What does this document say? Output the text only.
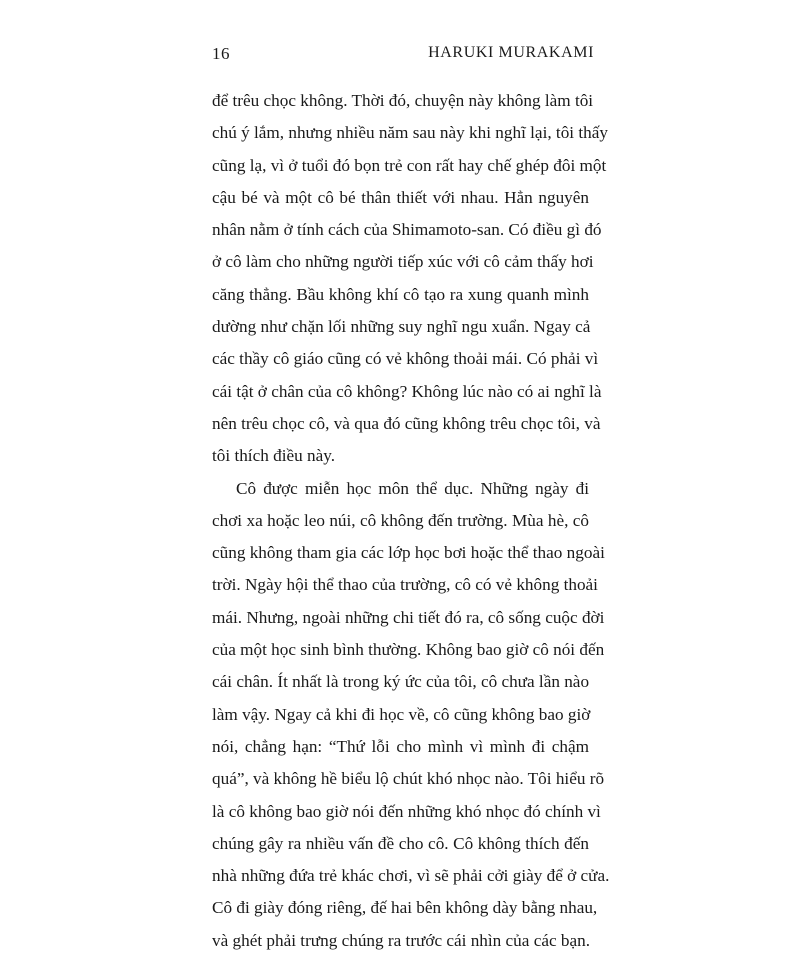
16	HARUKI MURAKAMI
để trêu chọc không. Thời đó, chuyện này không làm tôi
chú ý lắm, nhưng nhiều năm sau này khi nghĩ lại, tôi thấy
cũng lạ, vì ở tuổi đó bọn trẻ con rất hay chế ghép đôi một
cậu bé và một cô bé thân thiết với nhau. Hẳn nguyên
nhân nằm ở tính cách của Shimamoto-san. Có điều gì đó
ở cô làm cho những người tiếp xúc với cô cảm thấy hơi
căng thẳng. Bầu không khí cô tạo ra xung quanh mình
dường như chặn lối những suy nghĩ ngu xuẩn. Ngay cả
các thầy cô giáo cũng có vẻ không thoải mái. Có phải vì
cái tật ở chân của cô không? Không lúc nào có ai nghĩ là
nên trêu chọc cô, và qua đó cũng không trêu chọc tôi, và
tôi thích điều này.
Cô được miễn học môn thể dục. Những ngày đi
chơi xa hoặc leo núi, cô không đến trường. Mùa hè, cô
cũng không tham gia các lớp học bơi hoặc thể thao ngoài
trời. Ngày hội thể thao của trường, cô có vẻ không thoải
mái. Nhưng, ngoài những chi tiết đó ra, cô sống cuộc đời
của một học sinh bình thường. Không bao giờ cô nói đến
cái chân. Ít nhất là trong ký ức của tôi, cô chưa lần nào
làm vậy. Ngay cả khi đi học về, cô cũng không bao giờ
nói, chẳng hạn: “Thứ lỗi cho mình vì mình đi chậm
quá”, và không hề biểu lộ chút khó nhọc nào. Tôi hiểu rõ
là cô không bao giờ nói đến những khó nhọc đó chính vì
chúng gây ra nhiều vấn đề cho cô. Cô không thích đến
nhà những đứa trẻ khác chơi, vì sẽ phải cởi giày để ở cửa.
Cô đi giày đóng riêng, đế hai bên không dày bằng nhau,
và ghét phải trưng chúng ra trước cái nhìn của các bạn.
